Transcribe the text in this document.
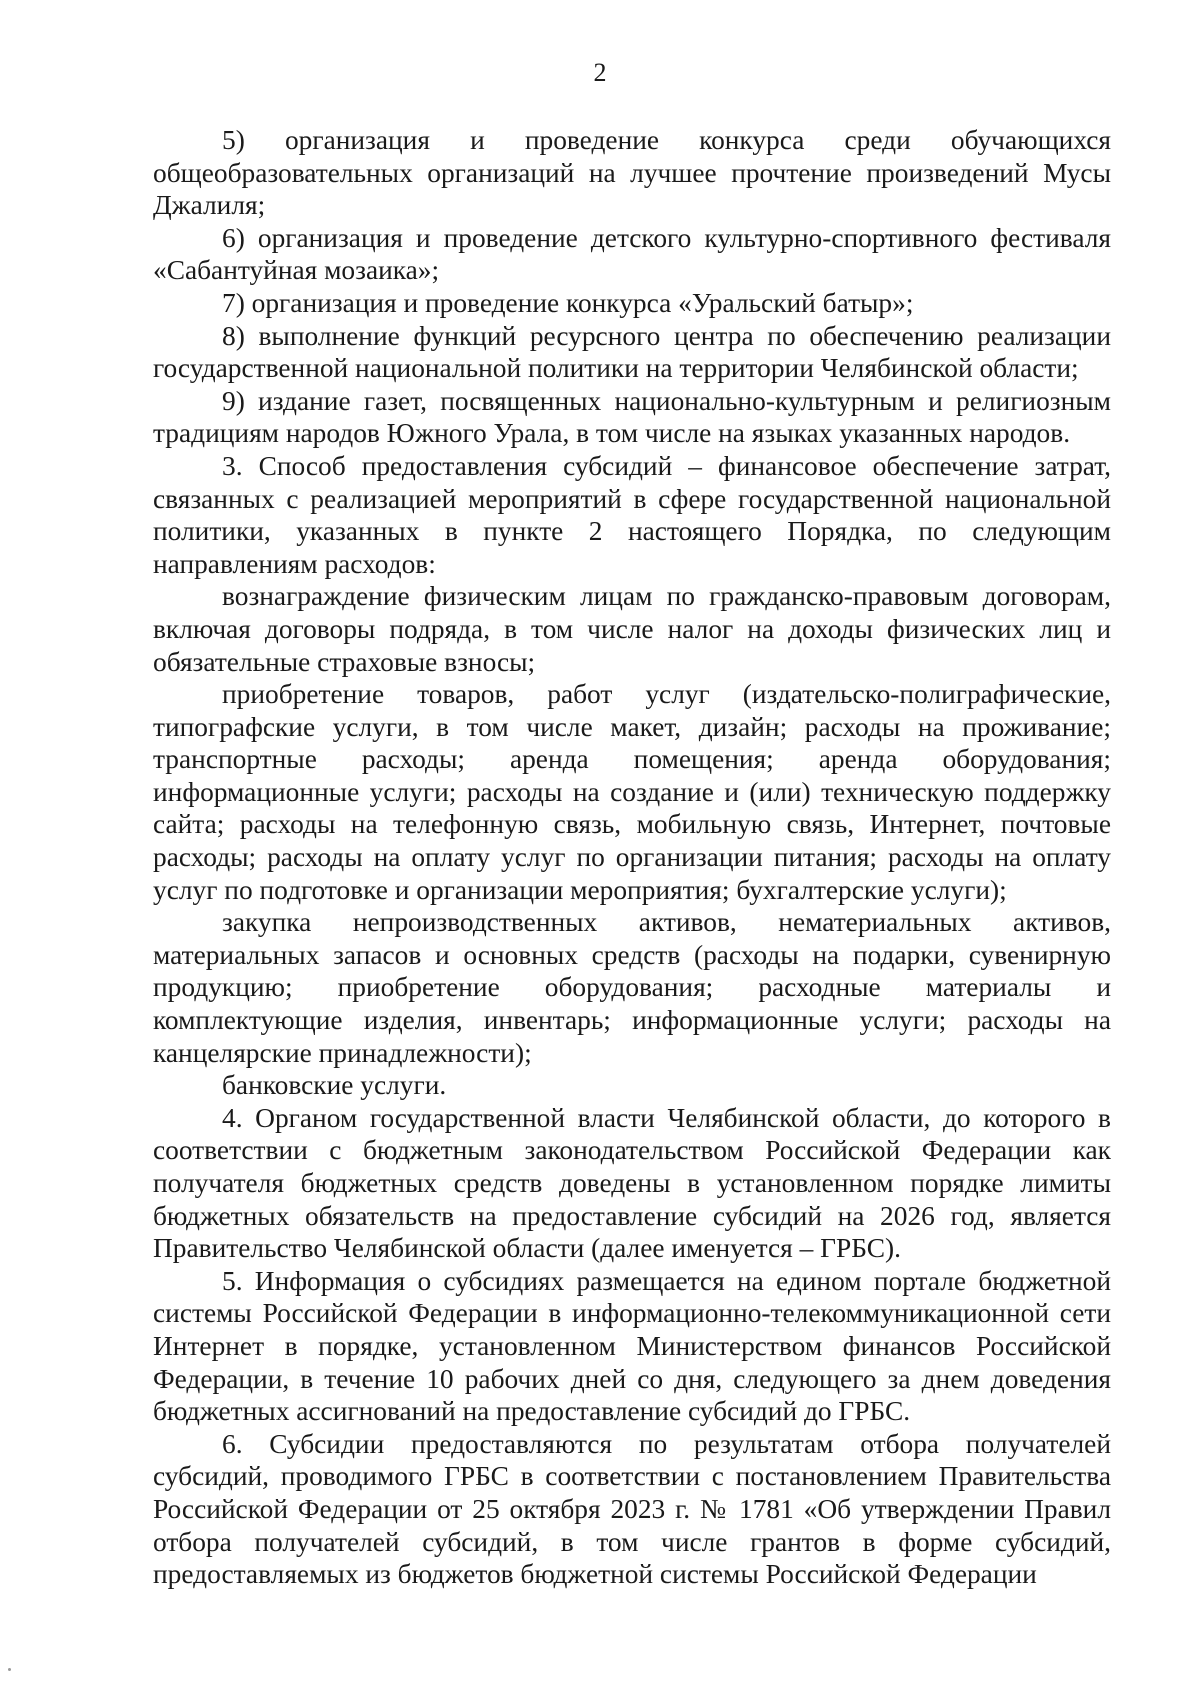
2

5) организация и проведение конкурса среди обучающихся общеобразовательных организаций на лучшее прочтение произведений Мусы Джалиля;

6) организация и проведение детского культурно-спортивного фестиваля «Сабантуйная мозаика»;

7) организация и проведение конкурса «Уральский батыр»;

8) выполнение функций ресурсного центра по обеспечению реализации государственной национальной политики на территории Челябинской области;

9) издание газет, посвященных национально-культурным и религиозным традициям народов Южного Урала, в том числе на языках указанных народов.

3. Способ предоставления субсидий – финансовое обеспечение затрат, связанных с реализацией мероприятий в сфере государственной национальной политики, указанных в пункте 2 настоящего Порядка, по следующим направлениям расходов:

вознаграждение физическим лицам по гражданско-правовым договорам, включая договоры подряда, в том числе налог на доходы физических лиц и обязательные страховые взносы;

приобретение товаров, работ услуг (издательско-полиграфические, типографские услуги, в том числе макет, дизайн; расходы на проживание; транспортные расходы; аренда помещения; аренда оборудования; информационные услуги; расходы на создание и (или) техническую поддержку сайта; расходы на телефонную связь, мобильную связь, Интернет, почтовые расходы; расходы на оплату услуг по организации питания; расходы на оплату услуг по подготовке и организации мероприятия; бухгалтерские услуги);

закупка непроизводственных активов, нематериальных активов, материальных запасов и основных средств (расходы на подарки, сувенирную продукцию; приобретение оборудования; расходные материалы и комплектующие изделия, инвентарь; информационные услуги; расходы на канцелярские принадлежности);

банковские услуги.

4. Органом государственной власти Челябинской области, до которого в соответствии с бюджетным законодательством Российской Федерации как получателя бюджетных средств доведены в установленном порядке лимиты бюджетных обязательств на предоставление субсидий на 2026 год, является Правительство Челябинской области (далее именуется – ГРБС).

5. Информация о субсидиях размещается на едином портале бюджетной системы Российской Федерации в информационно-телекоммуникационной сети Интернет в порядке, установленном Министерством финансов Российской Федерации, в течение 10 рабочих дней со дня, следующего за днем доведения бюджетных ассигнований на предоставление субсидий до ГРБС.

6. Субсидии предоставляются по результатам отбора получателей субсидий, проводимого ГРБС в соответствии с постановлением Правительства Российской Федерации от 25 октября 2023 г. № 1781 «Об утверждении Правил отбора получателей субсидий, в том числе грантов в форме субсидий, предоставляемых из бюджетов бюджетной системы Российской Федерации
